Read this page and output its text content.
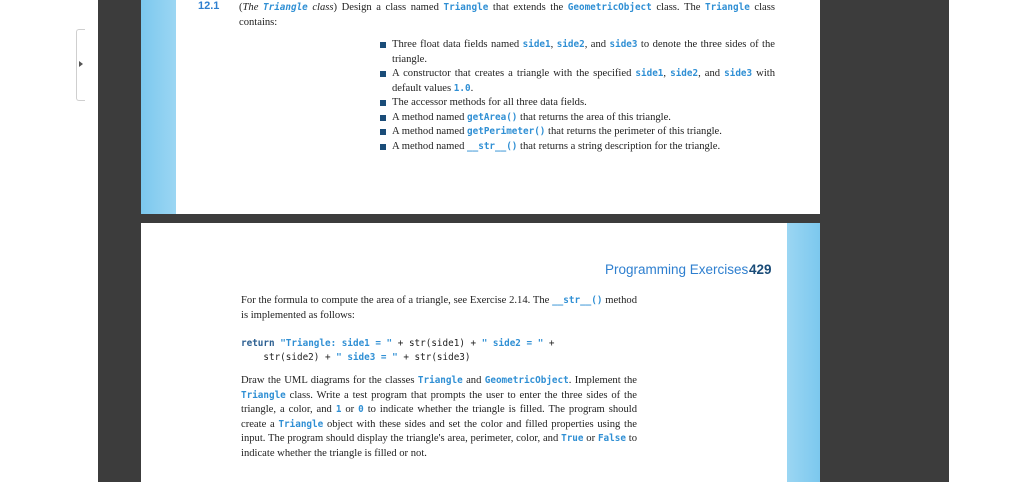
12.1 (The Triangle class) Design a class named Triangle that extends the GeometricObject class. The Triangle class contains:
Three float data fields named side1, side2, and side3 to denote the three sides of the triangle.
A constructor that creates a triangle with the specified side1, side2, and side3 with default values 1.0.
The accessor methods for all three data fields.
A method named getArea() that returns the area of this triangle.
A method named getPerimeter() that returns the perimeter of this triangle.
A method named __str__() that returns a string description for the triangle.
Programming Exercises 429
For the formula to compute the area of a triangle, see Exercise 2.14. The __str__() method is implemented as follows:
return "Triangle: side1 = " + str(side1) + " side2 = " +
str(side2) + " side3 = " + str(side3)
Draw the UML diagrams for the classes Triangle and GeometricObject. Implement the Triangle class. Write a test program that prompts the user to enter the three sides of the triangle, a color, and 1 or 0 to indicate whether the triangle is filled. The program should create a Triangle object with these sides and set the color and filled properties using the input. The program should display the triangle's area, perimeter, color, and True or False to indicate whether the triangle is filled or not.
